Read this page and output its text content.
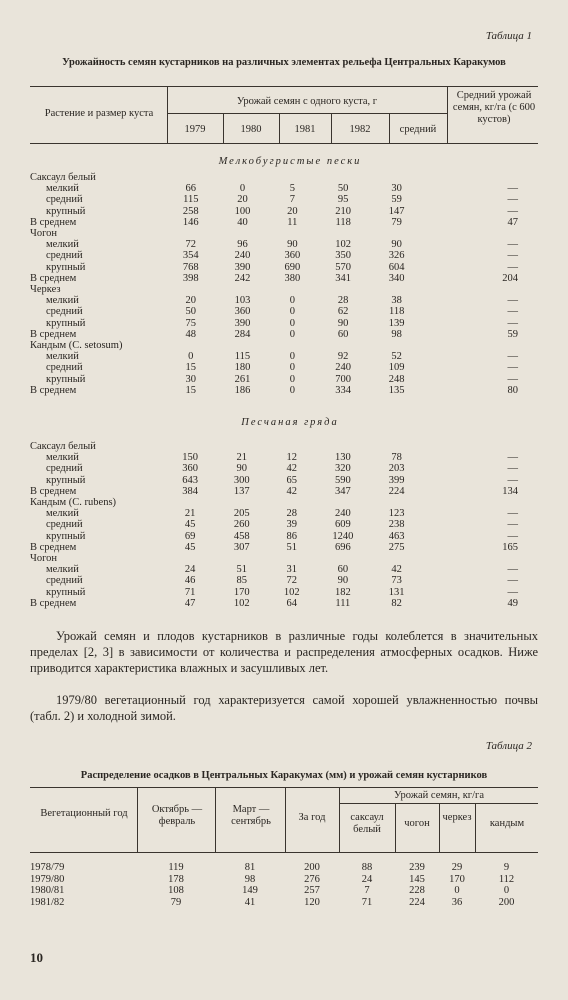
Таблица 1
Урожайность семян кустарников на различных элементах рельефа Центральных Каракумов
Растение и размер куста
Урожай семян с одного куста, г
1979	1980	1981	1982	средний
Средний урожай семян, кг/га (с 600 кустов)
Мелкобугристые пески
Саксаул белый						
мелкий	66	0	5	50	30	—
средний	115	20	7	95	59	—
крупный	258	100	20	210	147	—
В среднем	146	40	11	118	79	47
Чогон						
мелкий	72	96	90	102	90	—
средний	354	240	360	350	326	—
крупный	768	390	690	570	604	—
В среднем	398	242	380	341	340	204
Черкез						
мелкий	20	103	0	28	38	—
средний	50	360	0	62	118	—
крупный	75	390	0	90	139	—
В среднем	48	284	0	60	98	59
Кандым (C. setosum)						
мелкий	0	115	0	92	52	—
средний	15	180	0	240	109	—
крупный	30	261	0	700	248	—
В среднем	15	186	0	334	135	80
Песчаная гряда
Саксаул белый						
мелкий	150	21	12	130	78	—
средний	360	90	42	320	203	—
крупный	643	300	65	590	399	—
В среднем	384	137	42	347	224	134
Кандым (C. rubens)						
мелкий	21	205	28	240	123	—
средний	45	260	39	609	238	—
крупный	69	458	86	1240	463	—
В среднем	45	307	51	696	275	165
Чогон						
мелкий	24	51	31	60	42	—
средний	46	85	72	90	73	—
крупный	71	170	102	182	131	—
В среднем	47	102	64	111	82	49

Урожай семян и плодов кустарников в различные годы колеблется в значительных пределах [2, 3] в зависимости от количества и распределения атмосферных осадков. Ниже приводится характеристика влажных и засушливых лет.

1979/80 вегетационный год характеризуется самой хорошей увлажненностью почвы (табл. 2) и холодной зимой.

Таблица 2
Распределение осадков в Центральных Каракумах (мм) и урожай семян кустарников
Вегетационный год	Октябрь — февраль
Март — сентябрь	За год
Урожай семян, кг/га
саксаул белый
чогон
черкез
кандым
1978/79	119	81	200	88	239	29	9
1979/80	178	98	276	24	145	170	112
1980/81	108	149	257	7	228	0	0
1981/82	79	41	120	71	224	36	200
10
